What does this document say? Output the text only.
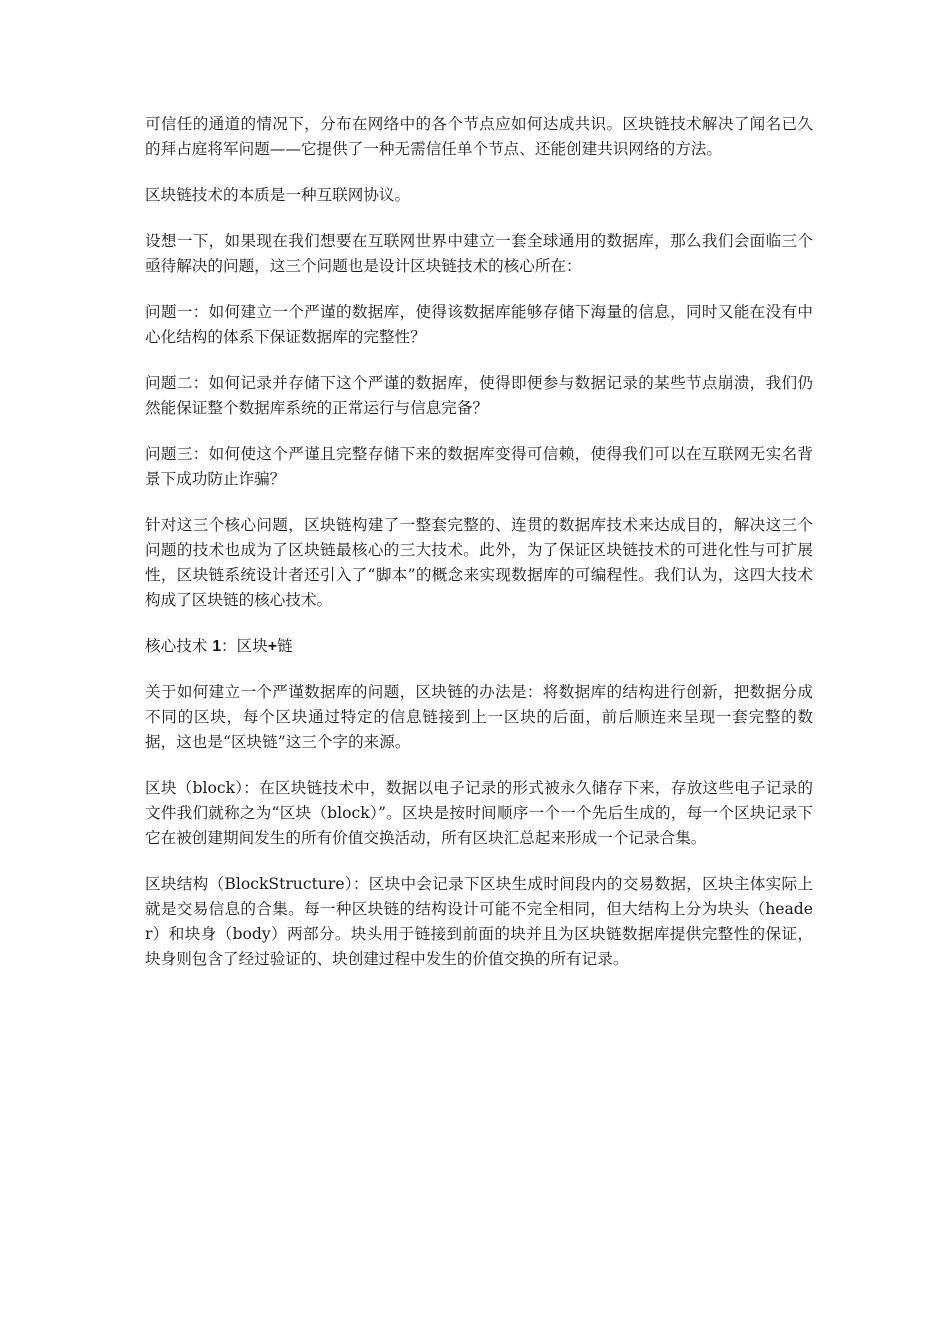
可信任的通道的情况下，分布在网络中的各个节点应如何达成共识。区块链技术解决了闻名已久的拜占庭将军问题——它提供了一种无需信任单个节点、还能创建共识网络的方法。

区块链技术的本质是一种互联网协议。

设想一下，如果现在我们想要在互联网世界中建立一套全球通用的数据库，那么我们会面临三个亟待解决的问题，这三个问题也是设计区块链技术的核心所在：

问题一：如何建立一个严谨的数据库，使得该数据库能够存储下海量的信息，同时又能在没有中心化结构的体系下保证数据库的完整性？

问题二：如何记录并存储下这个严谨的数据库，使得即便参与数据记录的某些节点崩溃，我们仍然能保证整个数据库系统的正常运行与信息完备？

问题三：如何使这个严谨且完整存储下来的数据库变得可信赖，使得我们可以在互联网无实名背景下成功防止诈骗？

针对这三个核心问题，区块链构建了一整套完整的、连贯的数据库技术来达成目的，解决这三个问题的技术也成为了区块链最核心的三大技术。此外，为了保证区块链技术的可进化性与可扩展性，区块链系统设计者还引入了“脚本”的概念来实现数据库的可编程性。我们认为，这四大技术构成了区块链的核心技术。

核心技术 1：区块+链

关于如何建立一个严谨数据库的问题，区块链的办法是：将数据库的结构进行创新，把数据分成不同的区块，每个区块通过特定的信息链接到上一区块的后面，前后顺连来呈现一套完整的数据，这也是“区块链”这三个字的来源。

区块（block）：在区块链技术中，数据以电子记录的形式被永久储存下来，存放这些电子记录的文件我们就称之为“区块（block）”。区块是按时间顺序一个一个先后生成的，每一个区块记录下它在被创建期间发生的所有价值交换活动，所有区块汇总起来形成一个记录合集。

区块结构（BlockStructure）：区块中会记录下区块生成时间段内的交易数据，区块主体实际上就是交易信息的合集。每一种区块链的结构设计可能不完全相同，但大结构上分为块头（header）和块身（body）两部分。块头用于链接到前面的块并且为区块链数据库提供完整性的保证，块身则包含了经过验证的、块创建过程中发生的价值交换的所有记录。
